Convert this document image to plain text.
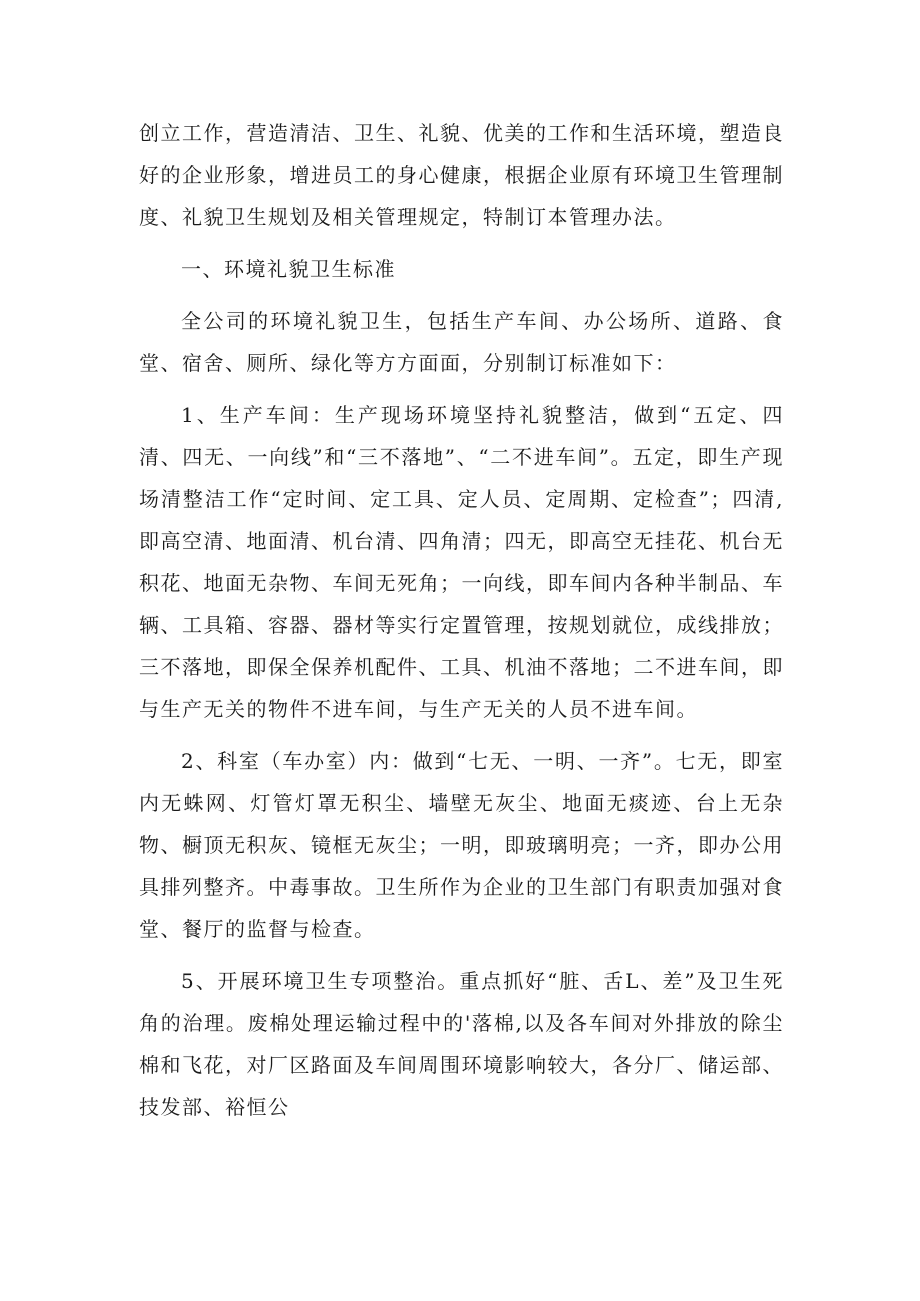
创立工作，营造清洁、卫生、礼貌、优美的工作和生活环境，塑造良好的企业形象，增进员工的身心健康，根据企业原有环境卫生管理制度、礼貌卫生规划及相关管理规定，特制订本管理办法。

一、环境礼貌卫生标准

全公司的环境礼貌卫生，包括生产车间、办公场所、道路、食堂、宿舍、厕所、绿化等方方面面，分别制订标准如下：

1、生产车间：生产现场环境坚持礼貌整洁，做到“五定、四清、四无、一向线”和“三不落地”、“二不进车间”。五定，即生产现场清整洁工作“定时间、定工具、定人员、定周期、定检查”；四清,即高空清、地面清、机台清、四角清；四无，即高空无挂花、机台无积花、地面无杂物、车间无死角；一向线，即车间内各种半制品、车辆、工具箱、容器、器材等实行定置管理，按规划就位，成线排放；三不落地，即保全保养机配件、工具、机油不落地；二不进车间，即与生产无关的物件不进车间，与生产无关的人员不进车间。

2、科室（车办室）内：做到“七无、一明、一齐”。七无，即室内无蛛网、灯管灯罩无积尘、墙壁无灰尘、地面无痰迹、台上无杂物、橱顶无积灰、镜框无灰尘；一明，即玻璃明亮；一齐，即办公用具排列整齐。中毒事故。卫生所作为企业的卫生部门有职责加强对食堂、餐厅的监督与检查。

5、开展环境卫生专项整治。重点抓好“脏、舌L、差”及卫生死角的治理。废棉处理运输过程中的'落棉,以及各车间对外排放的除尘棉和飞花，对厂区路面及车间周围环境影响较大，各分厂、储运部、技发部、裕恒公
